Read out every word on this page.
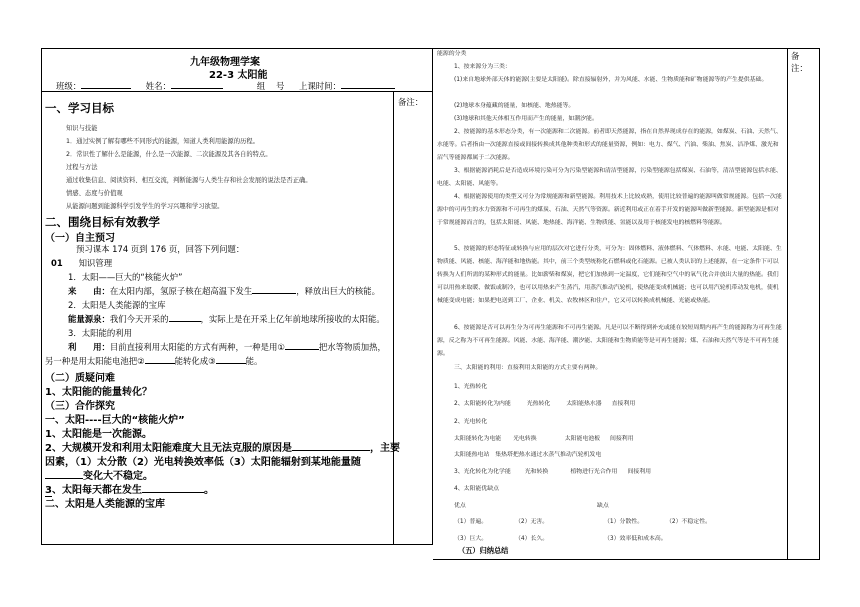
九年级物理学案
22-3 太阳能
班级：	姓名：	组 号 上课时间：
备注：
一、学习目标
知识与技能
1．通过实例了解有哪些不同形式的能源，知道人类利用能源的历程。
2．常识性了解什么是能源，什么是一次能源、二次能源及其各自的特点。
过程与方法
通过收集信息、阅读资料、相互交流，判断能源与人类生存和社会发展的说法是否正确。
情感、态度与价值观
从能源问题到能源科学引发学生的学习兴趣和学习欲望。
二、围绕目标有效教学
（一）自主预习
预习课本 174 页到 176 页，回答下列问题：
01 知识管理
1．太阳——巨大的“核能火炉”
来　　由：在太阳内部，氢原子核在超高温下发生	，释放出巨大的核能。
2．太阳是人类能源的宝库
能量源泉：我们今天开采的	，实际上是在开采上亿年前地球所接收的太阳能。
3．太阳能的利用
利　　用：目前直接利用太阳能的方式有两种，一种是用①	把水等物质加热，
另一种是用太阳能电池把②	能转化成③	能。
（二）质疑问难
1、太阳能的能量转化？
（三）合作探究
一、太阳----巨大的“核能火炉”
1、太阳能是一次能源。
2、大规模开发和利用太阳能难度大且无法克服的原因是	，主要
因素，（1）太分散（2）光电转换效率低（3）太阳能辐射到某地能量随
变化大不稳定。
3、太阳每天都在发生	。
二、太阳是人类能源的宝库
备注：
能源的分类
1、按来源分为三类：
(1)来自地球外部天体的能源(主要是太阳能)。除直接辐射外，并为风能、水能、生物质能和矿物能源等的产生提供基础。
(2)地球本身蕴藏的能量，如核能、地热能等。
(3)地球和其他天体相互作用而产生的能量，如潮汐能。
2、按能源的基本形态分类，有一次能源和二次能源。前者即天然能源，指在自然界现成存在的能源，如煤炭、石油、天然气、水能等。后者指由一次能源直接或间接转换成其他种类和形式的能量资源，例如：电力、煤气、汽油、柴油、焦炭、洁净煤、激光和沼气等能源都属于二次能源。
3、根据能源消耗后是否造成环境污染可分为污染型能源和清洁型能源，污染型能源包括煤炭、石油等，清洁型能源包括水能、电能、太阳能、风能等。
4、根据能源使用的类型又可分为常规能源和新型能源。利用技术上比较成熟，使用比较普遍的能源叫做常规能源。包括一次能源中的可再生的水力资源和不可再生的煤炭、石油、天然气等资源。新近利用或正在着手开发的能源叫做新型能源。新型能源是相对于常规能源而言的，包括太阳能、风能、地热能、海洋能、生物质能、氢能以及用于核能发电的核燃料等能源。
5、按能源的形态特征或转换与应用的层次对它进行分类，可分为：固体燃料、液体燃料、气体燃料、水能、电能、太阳能、生物质能、风能、核能、海洋能和地热能。其中，前三个类型统称化石燃料或化石能源。已被人类认识的上述能源，在一定条件下可以转换为人们所需的某种形式的能量。比如薪柴和煤炭，把它们加热到一定温度，它们能和空气中的氧气化合并放出大量的热能。我们可以用热来取暖、做饭或制冷，也可以用热来产生蒸汽，用蒸汽推动汽轮机，使热能变成机械能；也可以用汽轮机带动发电机，使机械能变成电能；如果把电送到工厂、企业、机关、农牧林区和住户，它又可以转换成机械能、光能或热能。
6、按能源是否可以再生分为可再生能源和不可再生能源。凡是可以不断得到补充或能在较短周期内再产生的能源称为可再生能源，反之称为不可再生能源。风能、水能、海洋能、潮汐能、太阳能和生物质能等是可再生能源；煤、石油和天然气等是不可再生能源。
三、太阳能的利用：直接利用太阳能的方式主要有两种。
1、光热转化
2、太阳能转化为内能	光热转化	太阳能热水器 直接利用
2、光电转化
太阳能转化为电能 光电转换	太阳能电池板 间接利用
太阳能热电站　集热塔把热水通过水蒸气推动汽轮机发电
3、光化转化为化学能 光和转换	植物进行光合作用 间接利用
4、太阳能优缺点
优点	缺点
（1）普遍。	（2）无害。	（1）分散性。	（2）不稳定性。
（3）巨大。	（4）长久。	（3）效率低和成本高。
（五）归纳总结
